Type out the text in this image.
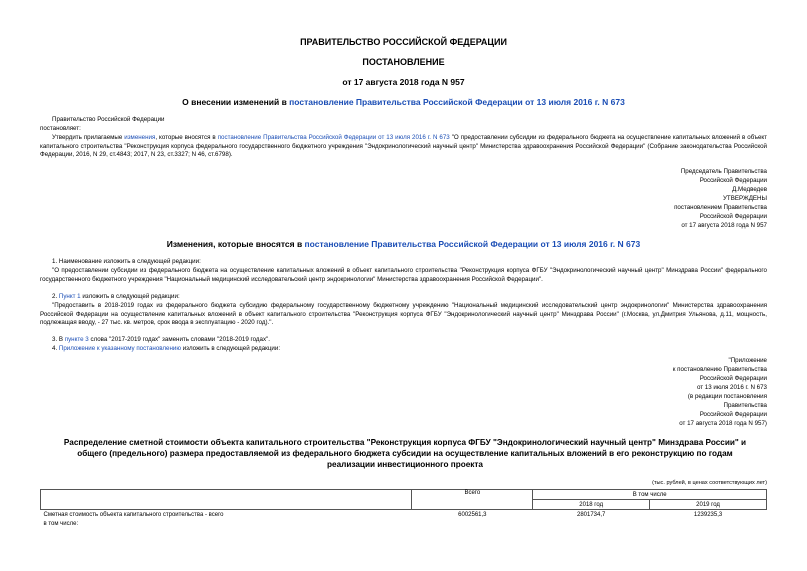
ПРАВИТЕЛЬСТВО РОССИЙСКОЙ ФЕДЕРАЦИИ
ПОСТАНОВЛЕНИЕ
от 17 августа 2018 года N 957
О внесении изменений в постановление Правительства Российской Федерации от 13 июля 2016 г. N 673
Правительство Российской Федерации
постановляет:
Утвердить прилагаемые изменения, которые вносятся в постановление Правительства Российской Федерации от 13 июля 2016 г. N 673 "О предоставлении субсидии из федерального бюджета на осуществление капитальных вложений в объект капитального строительства "Реконструкция корпуса федерального государственного бюджетного учреждения "Эндокринологический научный центр" Министерства здравоохранения Российской Федерации" (Собрание законодательства Российской Федерации, 2016, N 29, ст.4843; 2017, N 23, ст.3327; N 46, ст.6798).
Председатель Правительства
Российской Федерации
Д.Медведев
УТВЕРЖДЕНЫ
постановлением Правительства
Российской Федерации
от 17 августа 2018 года N 957
Изменения, которые вносятся в постановление Правительства Российской Федерации от 13 июля 2016 г. N 673
1. Наименование изложить в следующей редакции:
"О предоставлении субсидии из федерального бюджета на осуществление капитальных вложений в объект капитального строительства "Реконструкция корпуса ФГБУ "Эндокринологический научный центр" Минздрава России" федерального государственного бюджетного учреждения "Национальный медицинский исследовательский центр эндокринологии" Министерства здравоохранения Российской Федерации".
2. Пункт 1 изложить в следующей редакции:
"Предоставить в 2018-2019 годах из федерального бюджета субсидию федеральному государственному бюджетному учреждению "Национальный медицинский исследовательский центр эндокринологии" Министерства здравоохранения Российской Федерации на осуществление капитальных вложений в объект капитального строительства "Реконструкция корпуса ФГБУ "Эндокринологический научный центр" Минздрава России" (г.Москва, ул.Дмитрия Ульянова, д.11, мощность, подлежащая вводу, - 27 тыс. кв. метров, срок ввода в эксплуатацию - 2020 год).".
3. В пункте 3 слова "2017-2019 годах" заменить словами "2018-2019 годах".
4. Приложение к указанному постановлению изложить в следующей редакции:
"Приложение
к постановлению Правительства
Российской Федерации
от 13 июля 2016 г. N 673
(в редакции постановления
Правительства
Российской Федерации
от 17 августа 2018 года N 957)
Распределение сметной стоимости объекта капитального строительства "Реконструкция корпуса ФГБУ "Эндокринологический научный центр" Минздрава России" и общего (предельного) размера предоставляемой из федерального бюджета субсидии на осуществление капитальных вложений в его реконструкцию по годам реализации инвестиционного проекта
(тыс. рублей, в ценах соответствующих лет)
	Всего	В том числе	
		2018 год	2019 год
Сметная стоимость объекта капитального строительства - всего	6002561,3	2801734,7	1239235,3
в том числе:			
